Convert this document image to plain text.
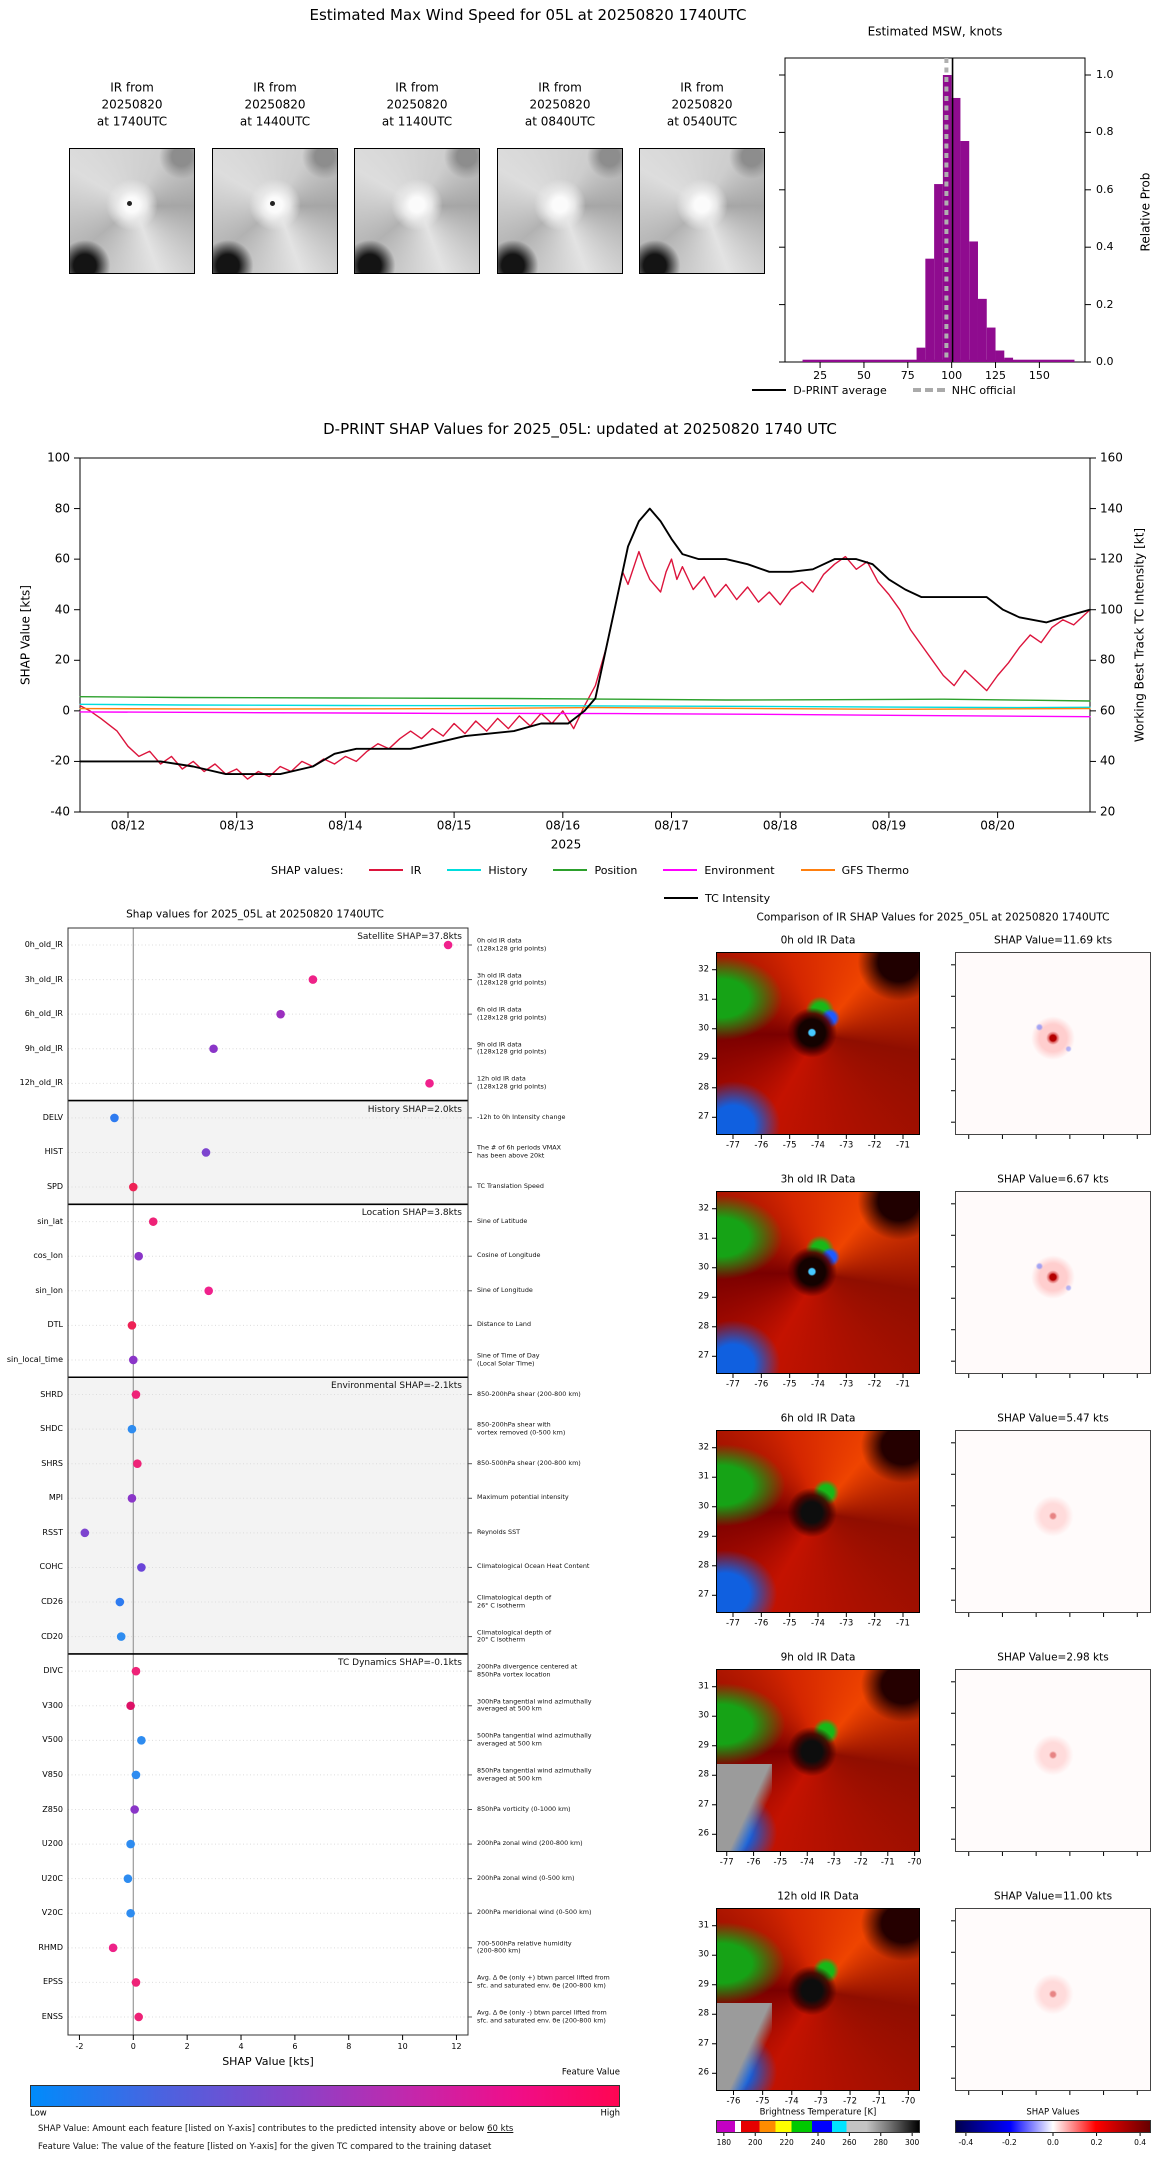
Estimated Max Wind Speed for 05L at 20250820 1740UTC
Estimated MSW, knots
Relative Prob
D-PRINT SHAP Values for 2025_05L: updated at 20250820 1740 UTC
SHAP Value [kts]	Working Best Track TC Intensity [kt]
2025
Shap values for 2025_05L at 20250820 1740UTC	Comparison of IR SHAP Values for 2025_05L at 20250820 1740UTC
SHAP Value [kts]
Feature Value
Low	High
SHAP Value: Amount each feature [listed on Y-axis] contributes to the predicted intensity above or below 60 kts
Feature Value: The value of the feature [listed on Y-axis] for the given TC compared to the training dataset
Brightness Temperature [K]	SHAP Values
D-PRINT average	NHC official
SHAP values:	IR	History	Position	Environment	GFS Thermo
TC Intensity
IR from
20250820
at 1740UTC
IR from
20250820
at 1440UTC
IR from
20250820
at 1140UTC
IR from
20250820
at 0840UTC
IR from
20250820
at 0540UTC
25	50	75 100 125 150
0.0
0.2
0.4
0.6
0.8
1.0
-40
-20
0
20
40
60
80
100
20
40
60
80
100
120
140
160
08/12	08/13	08/14	08/15	08/16	08/17	08/18	08/19	08/20
0h_old_IR	0h old IR data
(128x128 grid points)
3h_old_IR	3h old IR data
(128x128 grid points)
6h_old_IR	6h old IR data
(128x128 grid points)
9h_old_IR	9h old IR data
(128x128 grid points)
12h_old_IR	12h old IR data
(128x128 grid points)
DELV	-12h to 0h Intensity change
HIST	The # of 6h periods VMAX
has been above 20kt
SPD	TC Translation Speed
sin_lat	Sine of Latitude
cos_lon	Cosine of Longitude
sin_lon	Sine of Longitude
DTL	Distance to Land
sin_local_time	Sine of Time of Day
(Local Solar Time)
SHRD	850-200hPa shear (200-800 km)
SHDC	850-200hPa shear with
vortex removed (0-500 km)
SHRS	850-500hPa shear (200-800 km)
MPI	Maximum potential intensity
RSST	Reynolds SST
COHC	Climatological Ocean Heat Content
CD26	Climatological depth of
26° C isotherm
CD20	Climatological depth of
20° C isotherm
DIVC	200hPa divergence centered at
850hPa vortex location
V300	300hPa tangential wind azimuthally
averaged at 500 km
V500	500hPa tangential wind azimuthally
averaged at 500 km
V850	850hPa tangential wind azimuthally
averaged at 500 km
Z850	850hPa vorticity (0-1000 km)
U200	200hPa zonal wind (200-800 km)
U20C	200hPa zonal wind (0-500 km)
V20C	200hPa meridional wind (0-500 km)
RHMD	700-500hPa relative humidity
(200-800 km)
EPSS	Avg. Δ θe (only +) btwn parcel lifted from
sfc. and saturated env. θe (200-800 km)
ENSS	Avg. Δ θe (only -) btwn parcel lifted from
sfc. and saturated env. θe (200-800 km)
Satellite SHAP=37.8kts
History SHAP=2.0kts
Location SHAP=3.8kts
Environmental SHAP=-2.1kts
TC Dynamics SHAP=-0.1kts
-2	0	2	4	6	8	10	12
0h old IR Data	SHAP Value=11.69 kts
32
31
30
29
28
27
-77 -76 -75 -74 -73 -72 -71
3h old IR Data	SHAP Value=6.67 kts
32
31
30
29
28
27
-77 -76 -75 -74 -73 -72 -71
6h old IR Data	SHAP Value=5.47 kts
32
31
30
29
28
27
-77 -76 -75 -74 -73 -72 -71
9h old IR Data	SHAP Value=2.98 kts
31
30
29
28
27
26
-77 -76 -75 -74 -73 -72 -71 -70
12h old IR Data	SHAP Value=11.00 kts
31
30
29
28
27
26
-76 -75 -74 -73 -72 -71 -70
180 200 220 240 260 280 300	-0.4	-0.2	0.0	0.2	0.4
